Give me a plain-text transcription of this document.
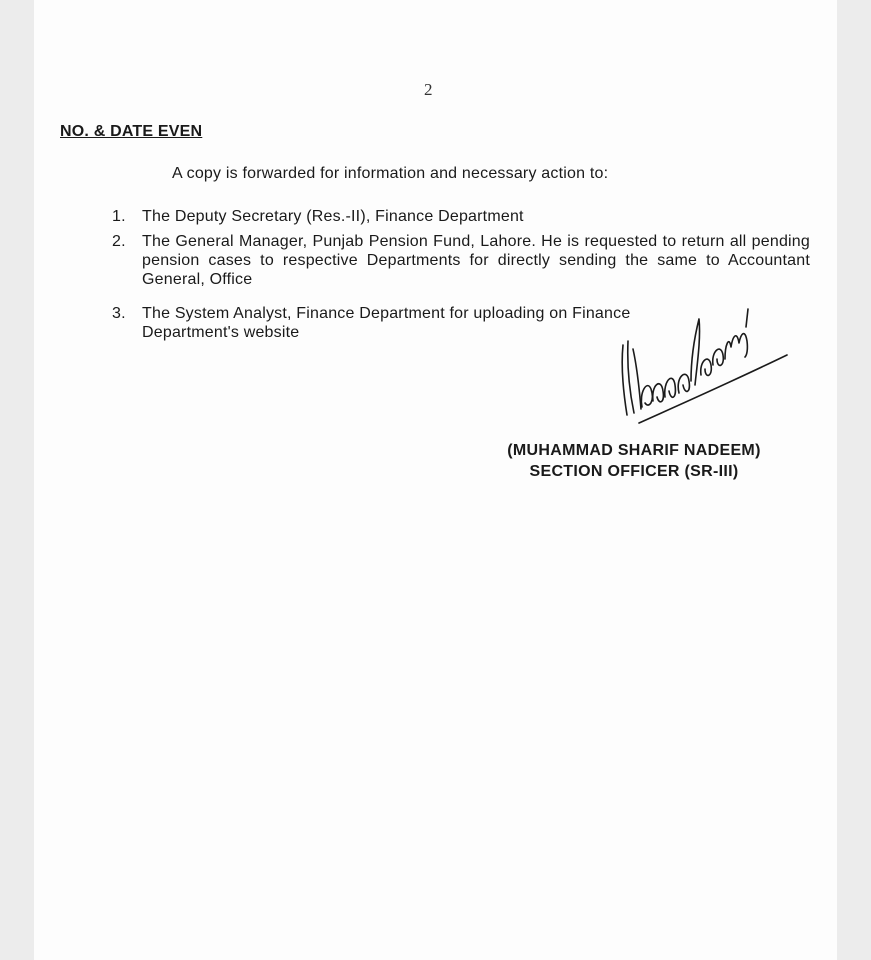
2
NO. & DATE EVEN
A copy is forwarded for information and necessary action to:
1. The Deputy Secretary (Res.-II), Finance Department
2. The General Manager, Punjab Pension Fund, Lahore. He is requested to return all pending pension cases to respective Departments for directly sending the same to Accountant General, Office
3. The System Analyst, Finance Department for uploading on Finance Department's website
(MUHAMMAD SHARIF NADEEM)
SECTION OFFICER (SR-III)
